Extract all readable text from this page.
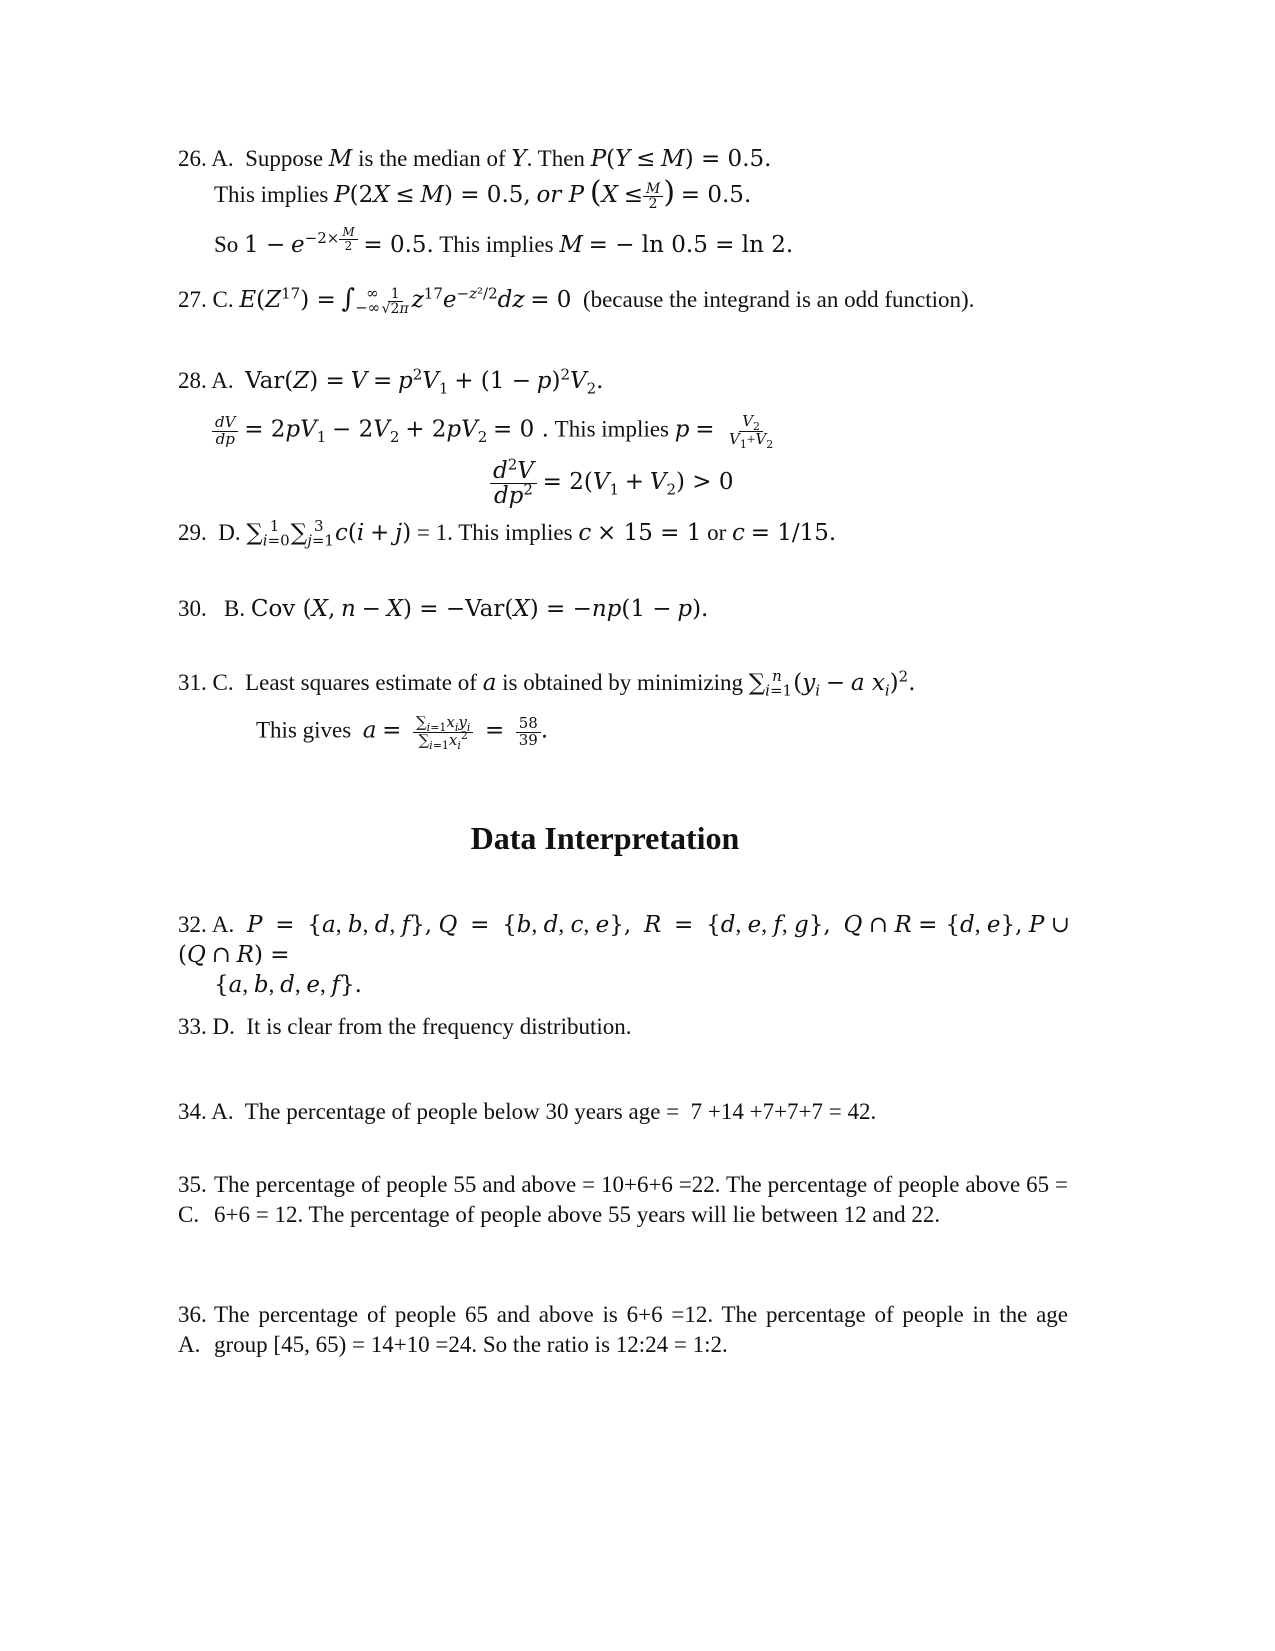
26. A.  Suppose M is the median of Y. Then P(Y ≤ M) = 0.5.
This implies P(2X ≤ M) = 0.5, or P ($X \le \frac{M}{2}$ ) = 0.5.
So $1 - e^{-2\times \frac{M}{2}} = 0.5$. This implies M = − ln 0.5 = ln 2.
27. C. $E(Z^{17}) = \int_{-\infty}^\infty \frac{1}{√2\pi} z^{17}e^{-z^2/2}dz = 0$  (because the integrand is an odd function).
28. A. $Var(Z) = V = p^2V_1 + (1 - p)^2V_2$.
$\frac{dV}{dp} = 2pV_1 - 2V_2 + 2pV_2 = 0$ . This implies $p = \frac{V_2}{V_1+V_2}$
$\frac{d^2V}{dp^2} = 2(V_1 + V_2) > 0$
29.  D. $\sum_{i=0}^1$ $\sum_{j=1}^3$ c(i + j) = 1. This implies c × 15 = 1 or c = 1/15.
30.   B. Cov (X, n − X) = −Var(X) = −np(1 − p).
31. C.  Least squares estimate of a is obtained by minimizing $\sum_{i=1}^n$ ($y_i - a$ $x_i)^2$.
This gives  $a = \sum_{i=1}x_iy_i$
$\sum_{i=1}x_i^2 = \frac{58}{39}$ .
Data Interpretation
32. A. P = {a, b, d, f}, Q = {b, d, c, e}, R = {d, e, f, g}, Q ∩ R = {d, e}, P ∪ (Q ∩ R) =
{a, b, d, e, f}.
33. D. It is clear from the frequency distribution.
34. A. The percentage of people below 30 years age =  7 +14 +7+7+7 = 42.
35. C.
The percentage of people 55 and above = 10+6+6 =22. The percentage of people above 65 = 6+6 = 12. The percentage of people above 55 years will lie between 12 and 22.
36. A.
The percentage of people 65 and above is 6+6 =12. The percentage of people in the age group [45, 65) = 14+10 =24. So the ratio is 12:24 = 1:2.
